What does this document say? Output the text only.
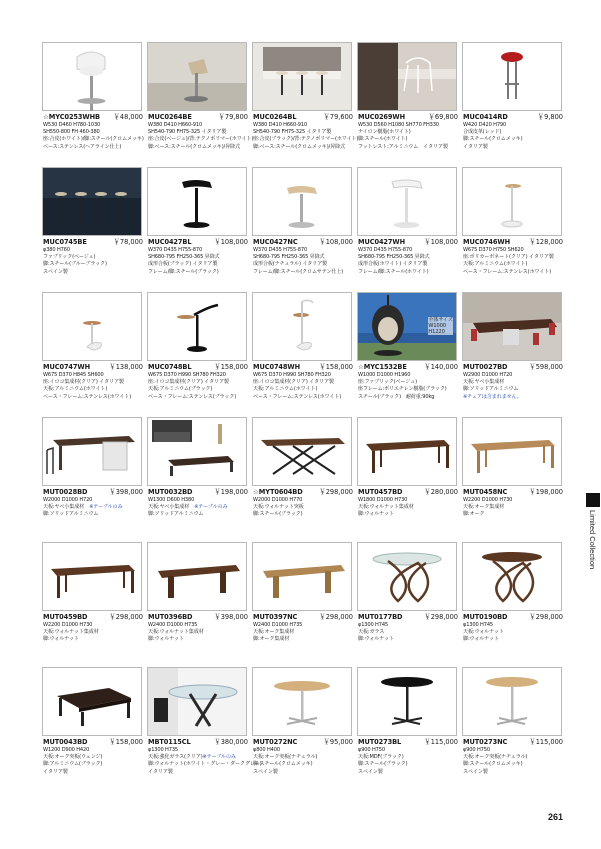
☆MYC0253WHB ￥48,000
W530 D460 H780-1030
SH550-800 FH 460-380
座:合皮(ホワイト)/脚:スチール(クロムメッキ)
ベース:ステンレス(ヘアライン仕上)
MUC0264BE	￥79,800
W380 D410 H660-910
SH540-790 FH75-325 イタリア製
座:合皮(ベージュ)/背:テクノポリマー(ホワイト)
脚:ベース:スチール(クロムメッキ)/昇降式
MUC0264BL	￥79,600
W380 D410 H660-910
SH540-790 FH75-325 イタリア製
座:合皮(ブラック)/背:テクノポリマー(ホワイト)
脚:ベース:スチール(クロムメッキ)/昇降式
MUC0269WH	￥69,800
W530 D560 H1080 SH770 FH330
ナイロン樹脂(ホワイト)
脚:スチール(ホワイト)
フットレスト:アルミニウム　イタリア製
MUC0414RD	￥9,800
W420 D420 H790
合成皮革(レッド)
脚:スチール(クロムメッキ)
イタリア製
MUC0745BE	￥78,000
φ380 H760
ファブリック(ベージュ)
脚:スチール(ブルーブラック)
スペイン製
MUC0427BL	￥108,000
W370 D435 H755-870
SH680-795 FH250-365 昇降式
成形合板(ブラック) イタリア製
フレーム/脚:スチール(ブラック)
MUC0427NC	￥108,000
W370 D435 H755-870
SH680-795 FH250-365 昇降式
成形合板(ナチュラル) イタリア製
フレーム/脚:スチール(クロムサテン仕上)
MUC0427WH	￥108,000
W370 D435 H755-870
SH680-795 FH250-365 昇降式
成形合板(ホワイト) イタリア製
フレーム/脚:スチール(ホワイト)
MUC0746WH	￥128,000
W675 D370 H750 SH620
座:ポリカーボネート(クリア) イタリア製
天板:アルミニウム(ホワイト)
ベース・フレーム:ステンレス(ホワイト)
MUC0747WH	￥138,000
W675 D370 H845 SH600
座:イロコ集成材(クリア) イタリア製
天板:アルミニウム(ホワイト)
ベース・フレーム:ステンレス(ホワイト)
MUC0748BL	￥158,000
W675 D370 H990 SH780 FH320
座:イロコ集成材(クリア) イタリア製
天板:アルミニウム(ブラック)
ベース・フレーム:ステンレス(ブラック)
MUC0748WH	￥158,000
W675 D370 H990 SH780 FH320
座:イロコ集成材(クリア) イタリア製
天板:アルミニウム(ホワイト)
ベース・フレーム:ステンレス(ホワイト)
全体サイズ
W1000
H1220
☆MYC1532BE	￥140,000
W1000 D1000 H1960
座:ファブリック(ベージュ)
座フレーム:ポリエチレン樹脂(ブラック)
スチール(ブラック)　耐荷重:90kg
MUT0027BD	￥598,000
W2900 D1000 H720
天板:ヤベ小集成材
脚:ソリッドアルミニウム
※チェアは含まれません。
MUT0028BD	￥398,000
W2000 D1000 H720
天板:ヤベ小集成材　※テーブルのみ
脚:ソリッドアルミニウム
MUT0032BD	￥198,000
W1300 D600 H380
天板:ヤベ小集成材　※テーブルのみ
脚:ソリッドアルミニウム
☆MYT0604BD	￥298,000
W2000 D1000 H770
天板:ウォルナット突板
脚:スチール(ブラック)
MUT0457BD	￥280,000
W1800 D1000 H730
天板:ウォルナット集成材
脚:ウォルナット
MUT0458NC	￥198,000
W2200 D1000 H730
天板:オーク集成材
脚:オーク
MUT0459BD	￥298,000
W2200 D1000 H730
天板:ウォルナット集成材
脚:ウォルナット
MUT0396BD	￥398,000
W2400 D1000 H735
天板:ウォルナット集成材
脚:ウォルナット
MUT0397NC	￥298,000
W2400 D1000 H735
天板:オーク集成材
脚:オーク集成材
MUT0177BD	￥298,000
φ1300 H745
天板:ガラス
脚:ウォルナット
MUT0190BD	￥298,000
φ1300 H745
天板:ウォルナット
脚:ウォルナット
MUT0043BD	￥158,000
W1200 D900 H420
天板:オーク突板(ウェンジ)
脚:アルミニウム(ブラック)
イタリア製
MBT0115CL	￥380,000
φ1300 H735
天板:強化ガラス(クリア)※テーブルのみ
脚:ウォルナット(ホワイト・グレー・ダークグレー)
イタリア製
MUT0272NC	￥95,000
φ800 H400
天板:オーク突板(ナチュラル)
脚:スチール(クロムメッキ)
スペイン製
MUT0273BL	￥115,000
φ900 H750
天板:MDF(ブラック)
脚:スチール(ブラック)
スペイン製
MUT0273NC	￥115,000
φ900 H750
天板:オーク突板(ナチュラル)
脚:スチール(クロムメッキ)
スペイン製
Limited Collection
261
